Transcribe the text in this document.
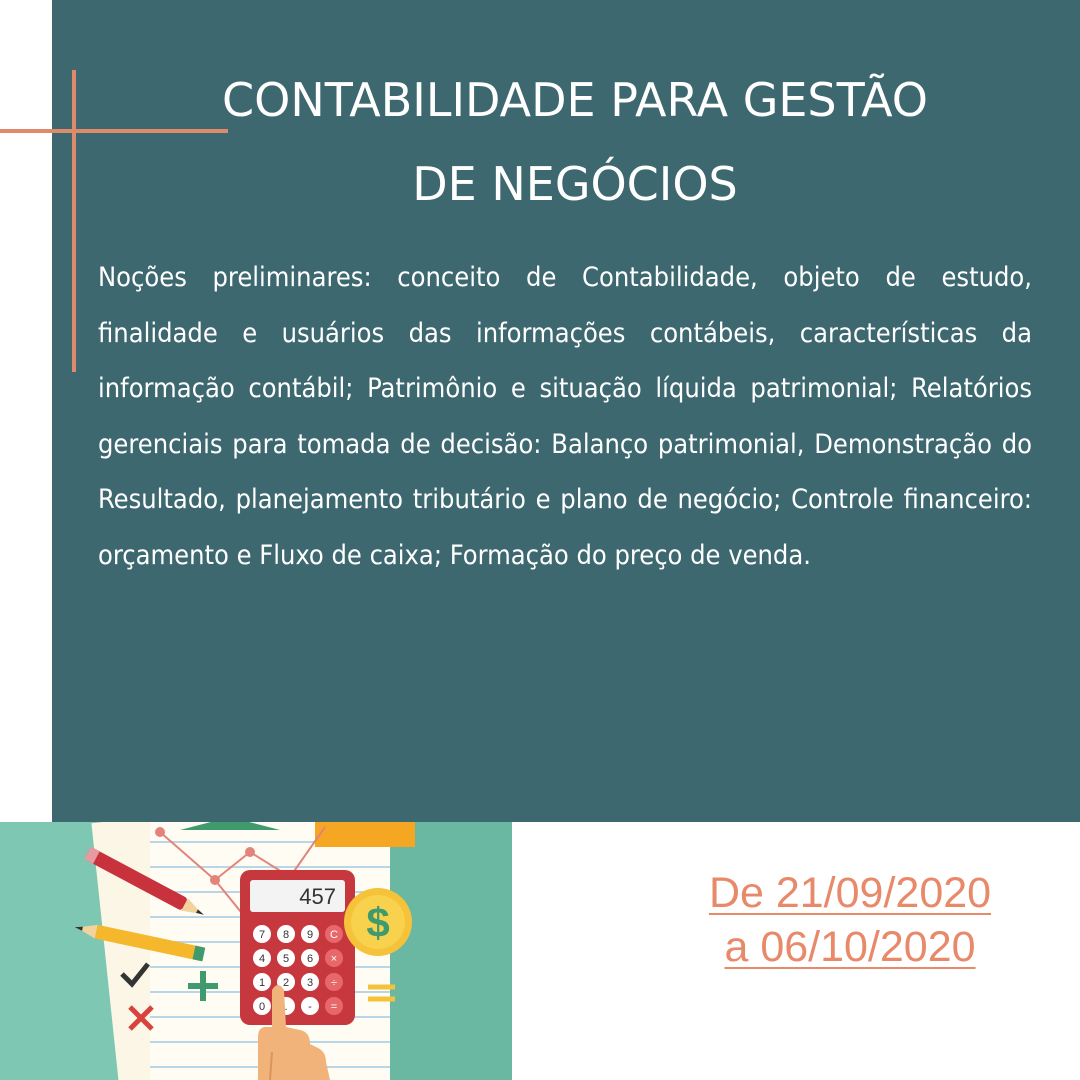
CONTABILIDADE PARA GESTÃO
DE NEGÓCIOS

Noções preliminares: conceito de Contabilidade, objeto de estudo, finalidade e usuários das informações contábeis, características da informação contábil; Patrimônio e situação líquida patrimonial; Relatórios gerenciais para tomada de decisão: Balanço patrimonial, Demonstração do Resultado, planejamento tributário e plano de negócio; Controle financeiro: orçamento e Fluxo de caixa; Formação do preço de venda.

457
7 8 9 C
4 5 6 ×
1 2 3 ÷
0 . - =
$
De 21/09/2020
a 06/10/2020
